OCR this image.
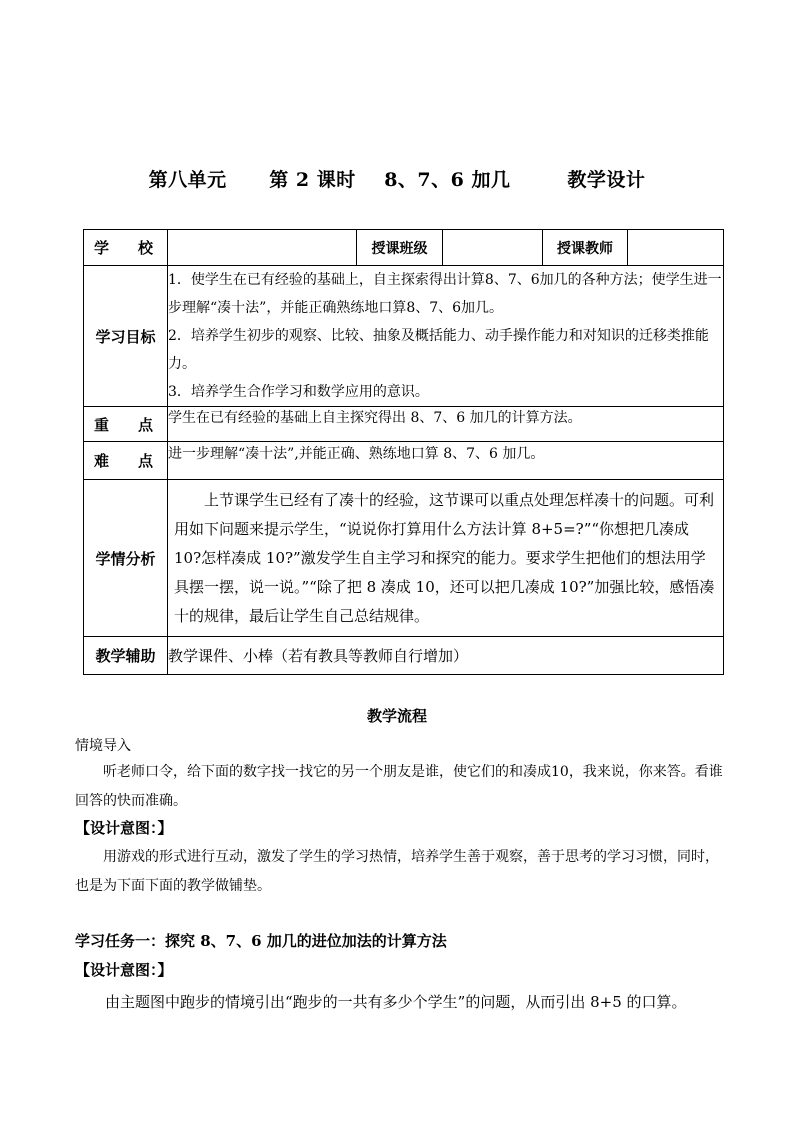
第八单元      第 2 课时    8、7、6 加几        教学设计
学 校		授课班级		授课教师	
学习目标	1．使学生在已有经验的基础上，自主探索得出计算8、7、6加几的各种方法；使学生进一步理解“凑十法”，并能正确熟练地口算8、7、6加几。

2．培养学生初步的观察、比较、抽象及概括能力、动手操作能力和对知识的迁移类推能力。

3．培养学生合作学习和数学应用的意识。				

重 点	学生在已有经验的基础上自主探究得出 8、7、6 加几的计算方法。				

难 点	进一步理解“凑十法”,并能正确、熟练地口算 8、7、6 加几。				
学情分析	上节课学生已经有了凑十的经验，这节课可以重点处理怎样凑十的问题。可利用如下问题来提示学生，“说说你打算用什么方法计算 8+5=?”“你想把几凑成 10?怎样凑成 10?”激发学生自主学习和探究的能力。要求学生把他们的想法用学具摆一摆，说一说。”“除了把 8 凑成 10，还可以把几凑成 10?”加强比较，感悟凑十的规律，最后让学生自己总结规律。				

教学辅助	教学课件、小棒（若有教具等教师自行增加）				
教学流程
情境导入
听老师口令，给下面的数字找一找它的另一个朋友是谁，使它们的和凑成10，我来说，你来答。看谁回答的快而准确。
【设计意图：】
用游戏的形式进行互动，激发了学生的学习热情，培养学生善于观察，善于思考的学习习惯，同时，也是为下面下面的教学做铺垫。
学习任务一：探究 8、7、6 加几的进位加法的计算方法
【设计意图：】
由主题图中跑步的情境引出“跑步的一共有多少个学生”的问题，从而引出 8+5 的口算。
